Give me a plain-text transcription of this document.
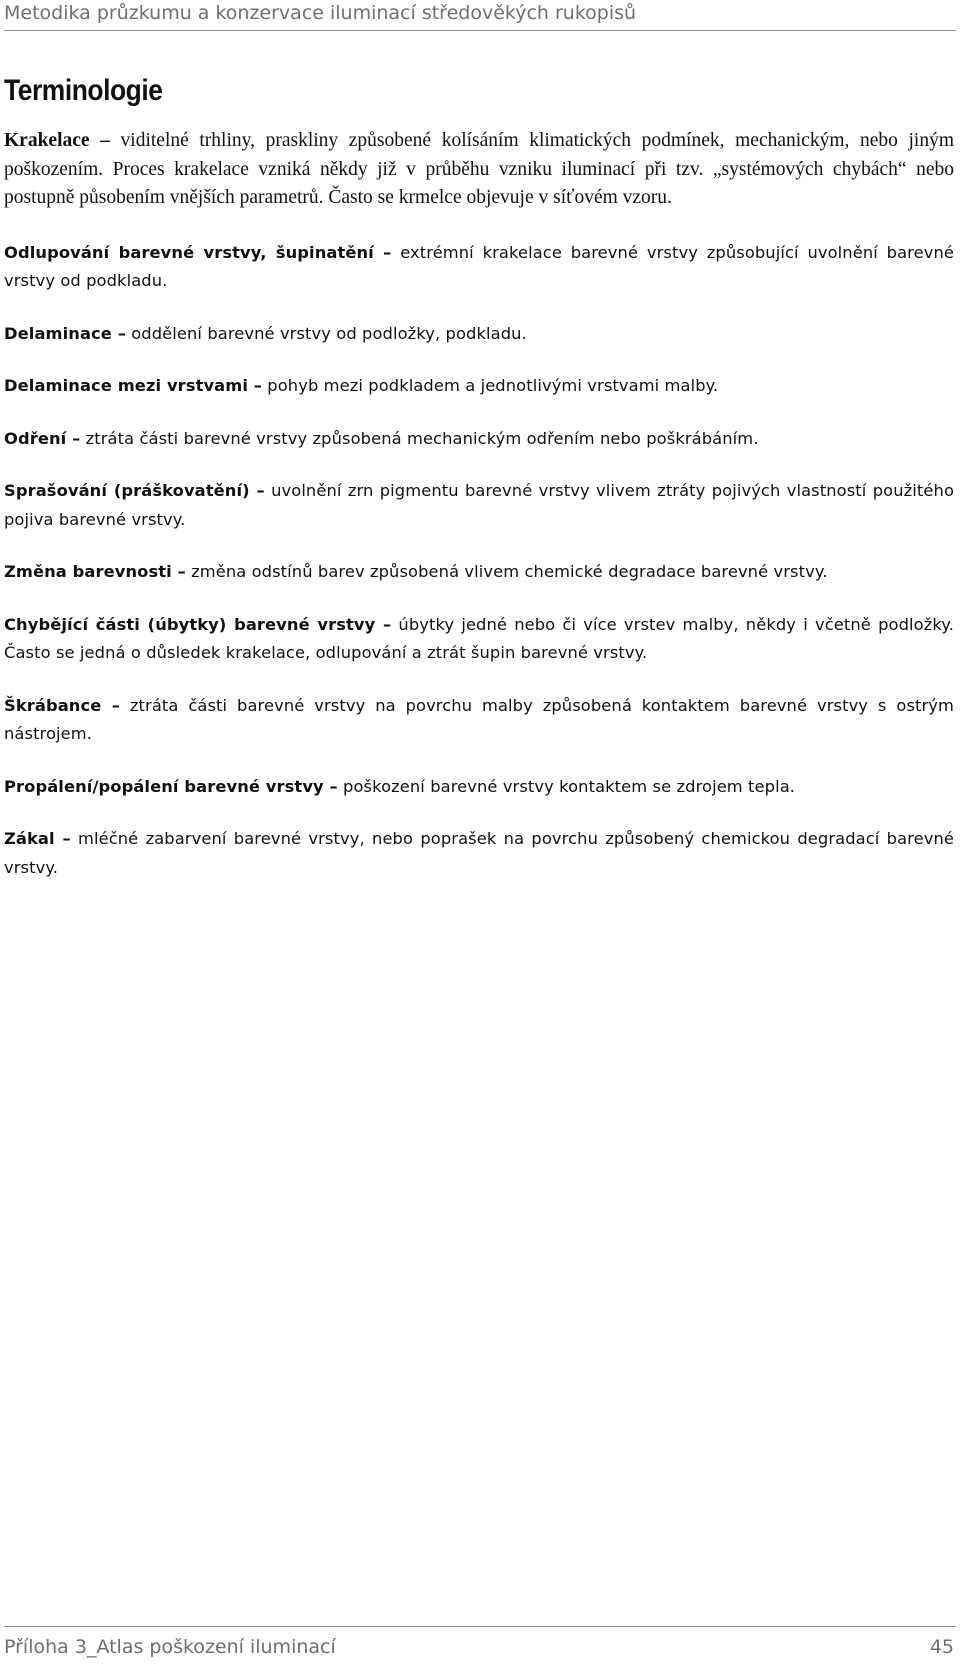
Metodika průzkumu a konzervace iluminací středověkých rukopisů
Terminologie

Krakelace – viditelné trhliny, praskliny způsobené kolísáním klimatických podmínek, mechanickým, nebo jiným poškozením. Proces krakelace vzniká někdy již v průběhu vzniku iluminací při tzv. „systémových chybách“ nebo postupně působením vnějších parametrů. Často se krmelce objevuje v síťovém vzoru.

Odlupování barevné vrstvy, šupinatění – extrémní krakelace barevné vrstvy způsobující uvolnění barevné vrstvy od podkladu.

Delaminace – oddělení barevné vrstvy od podložky, podkladu.

Delaminace mezi vrstvami – pohyb mezi podkladem a jednotlivými vrstvami malby.

Odření – ztráta části barevné vrstvy způsobená mechanickým odřením nebo poškrábáním.

Sprašování (práškovatění) – uvolnění zrn pigmentu barevné vrstvy vlivem ztráty pojivých vlastností použitého pojiva barevné vrstvy.

Změna barevnosti – změna odstínů barev způsobená vlivem chemické degradace barevné vrstvy.

Chybějící části (úbytky) barevné vrstvy – úbytky jedné nebo či více vrstev malby, někdy i včetně podložky. Často se jedná o důsledek krakelace, odlupování a ztrát šupin barevné vrstvy.

Škrábance – ztráta části barevné vrstvy na povrchu malby způsobená kontaktem barevné vrstvy s ostrým nástrojem.

Propálení/popálení barevné vrstvy – poškození barevné vrstvy kontaktem se zdrojem tepla.

Zákal – mléčné zabarvení barevné vrstvy, nebo poprašek na povrchu způsobený chemickou degradací barevné vrstvy.

Příloha 3_Atlas poškození iluminací	45
